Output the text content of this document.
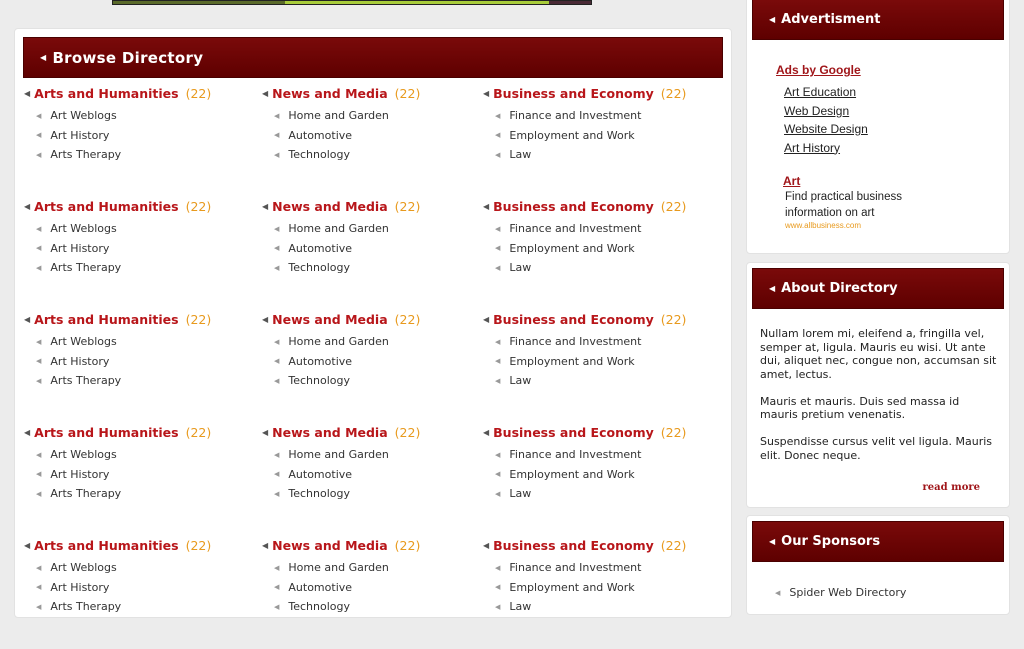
◀ Browse Directory
◀ Arts and Humanities (22)
◀ Art Weblogs
◀ Art History
◀ Arts Therapy
◀ News and Media (22)
◀ Home and Garden
◀ Automotive
◀ Technology
◀ Business and Economy (22)
◀ Finance and Investment
◀ Employment and Work
◀ Law
◀ Arts and Humanities (22)
◀ Art Weblogs
◀ Art History
◀ Arts Therapy
◀ News and Media (22)
◀ Home and Garden
◀ Automotive
◀ Technology
◀ Business and Economy (22)
◀ Finance and Investment
◀ Employment and Work
◀ Law
◀ Arts and Humanities (22)
◀ Art Weblogs
◀ Art History
◀ Arts Therapy
◀ News and Media (22)
◀ Home and Garden
◀ Automotive
◀ Technology
◀ Business and Economy (22)
◀ Finance and Investment
◀ Employment and Work
◀ Law
◀ Arts and Humanities (22)
◀ Art Weblogs
◀ Art History
◀ Arts Therapy
◀ News and Media (22)
◀ Home and Garden
◀ Automotive
◀ Technology
◀ Business and Economy (22)
◀ Finance and Investment
◀ Employment and Work
◀ Law
◀ Arts and Humanities (22)
◀ Art Weblogs
◀ Art History
◀ Arts Therapy
◀ News and Media (22)
◀ Home and Garden
◀ Automotive
◀ Technology
◀ Business and Economy (22)
◀ Finance and Investment
◀ Employment and Work
◀ Law
◀ Advertisment
Ads by Google
Art Education
Web Design
Website Design
Art History
Art
Find practical business information on art
www.allbusiness.com
◀ About Directory

Nullam lorem mi, eleifend a, fringilla vel, semper at, ligula. Mauris eu wisi. Ut ante dui, aliquet nec, congue non, accumsan sit amet, lectus.

Mauris et mauris. Duis sed massa id mauris pretium venenatis.

Suspendisse cursus velit vel ligula. Mauris elit. Donec neque.

read more
◀ Our Sponsors
◀ Spider Web Directory
